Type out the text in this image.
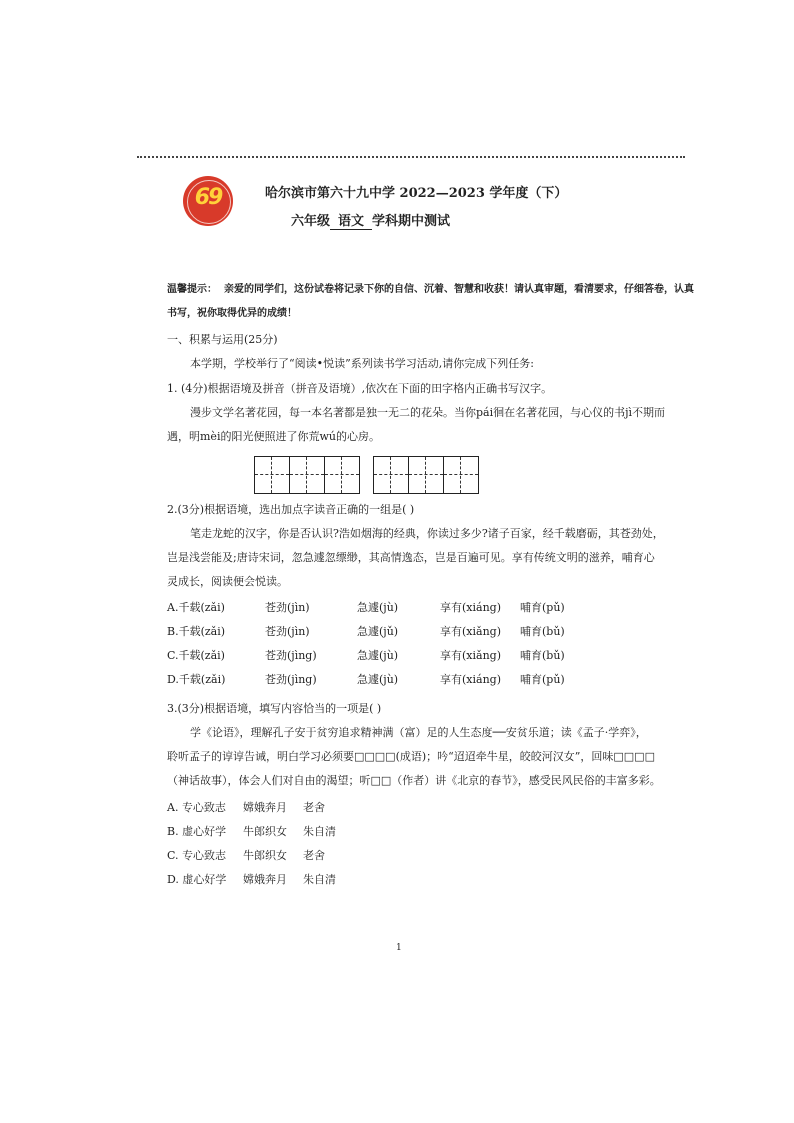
69	哈尔滨市第六十九中学 2022—2023 学年度（下）
六年级 语文 学科期中测试
温馨提示： 亲爱的同学们，这份试卷将记录下你的自信、沉着、智慧和收获！请认真审题，看清要求，仔细答卷，认真
书写，祝你取得优异的成绩！
一、积累与运用(25分)
本学期，学校举行了“阅读•悦读”系列读书学习活动,请你完成下列任务:
1. (4分)根据语境及拼音（拼音及语境）,依次在下面的田字格内正确书写汉字。
漫步文学名著花园，每一本名著都是独一无二的花朵。当你pái徊在名著花园，与心仪的书jì不期而
遇，明mèi的阳光便照进了你荒wú的心房。
2.(3分)根据语境，选出加点字读音正确的一组是( )
笔走龙蛇的汉字，你是否认识?浩如烟海的经典，你读过多少?诸子百家，经千载磨砺，其苍劲处，
岂是浅尝能及;唐诗宋词，忽急遽忽缥缈，其高情逸态，岂是百遍可见。享有传统文明的滋养，哺育心
灵成长，阅读便会悦读。
A.千载(zǎi)	苍劲(jìn)	急遽(jù)	享有(xiáng) 哺育(pǔ)
B.千载(zǎi)	苍劲(jìn)	急遽(jǔ)	享有(xiǎng) 哺育(bǔ)
C.千载(zǎi)	苍劲(jìng)	急遽(jù)	享有(xiǎng) 哺育(bǔ)
D.千载(zǎi)	苍劲(jìng)	急遽(jù)	享有(xiáng) 哺育(pǔ)
3.(3分)根据语境，填写内容恰当的一项是( )
学《论语》，理解孔子安于贫穷追求精神满（富）足的人生态度──安贫乐道；读《孟子·学弈》，
聆听孟子的谆谆告诫，明白学习必须要□□□□(成语)；吟“迢迢牵牛星，皎皎河汉女”，回味□□□□
（神话故事），体会人们对自由的渴望；听□□（作者）讲《北京的春节》，感受民风民俗的丰富多彩。
A. 专心致志 嫦娥奔月 老舍
B. 虚心好学 牛郎织女 朱自清
C. 专心致志 牛郎织女 老舍
D. 虚心好学 嫦娥奔月 朱自清
1
